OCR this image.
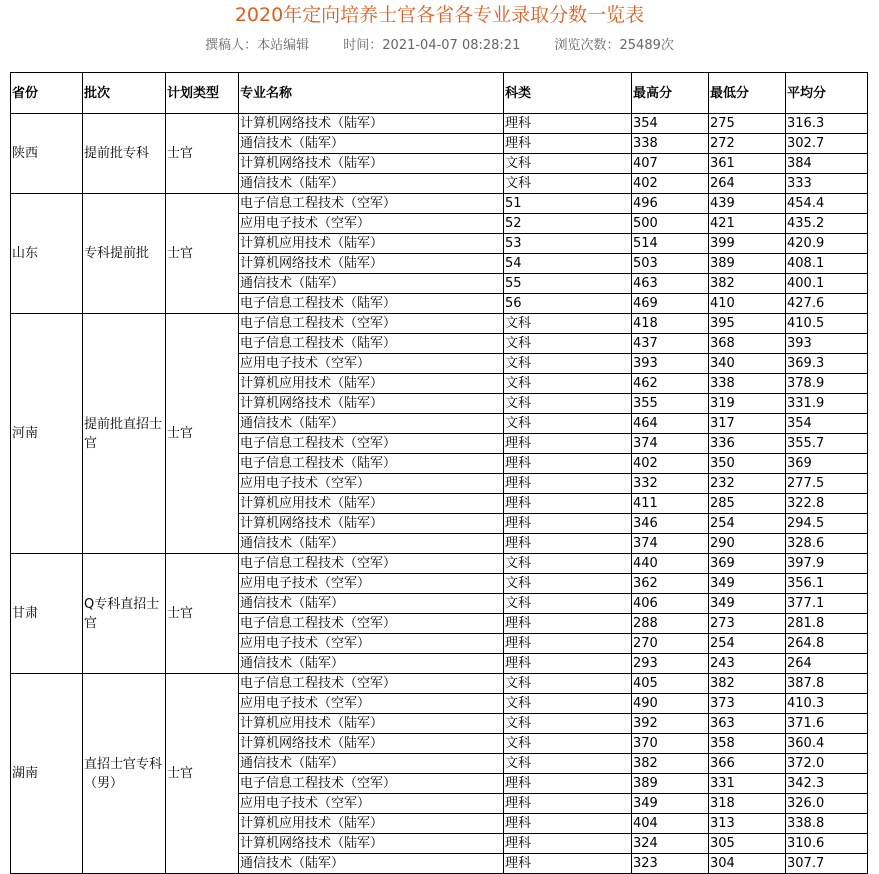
2020年定向培养士官各省各专业录取分数一览表
撰稿人：本站编辑	时间：2021-04-07 08:28:21	浏览次数：25489次
省份	批次	计划类型	专业名称	科类	最高分	最低分	平均分
陕西	提前批专科	士官	计算机网络技术（陆军）	理科	354	275	316.3
			通信技术（陆军）	理科	338	272	302.7
			计算机网络技术（陆军）	文科	407	361	384
			通信技术（陆军）	文科	402	264	333
山东	专科提前批	士官	电子信息工程技术（空军）	51	496	439	454.4
			应用电子技术（空军）	52	500	421	435.2
			计算机应用技术（陆军）	53	514	399	420.9
			计算机网络技术（陆军）	54	503	389	408.1
			通信技术（陆军）	55	463	382	400.1
			电子信息工程技术（陆军）	56	469	410	427.6
河南	提前批直招士官	士官	电子信息工程技术（空军）	文科	418	395	410.5
			电子信息工程技术（陆军）	文科	437	368	393
			应用电子技术（空军）	文科	393	340	369.3
			计算机应用技术（陆军）	文科	462	338	378.9
			计算机网络技术（陆军）	文科	355	319	331.9
			通信技术（陆军）	文科	464	317	354
			电子信息工程技术（空军）	理科	374	336	355.7
			电子信息工程技术（陆军）	理科	402	350	369
			应用电子技术（空军）	理科	332	232	277.5
			计算机应用技术（陆军）	理科	411	285	322.8
			计算机网络技术（陆军）	理科	346	254	294.5
			通信技术（陆军）	理科	374	290	328.6
甘肃	Q专科直招士官	士官	电子信息工程技术（空军）	文科	440	369	397.9
			应用电子技术（空军）	文科	362	349	356.1
			通信技术（陆军）	文科	406	349	377.1
			电子信息工程技术（空军）	理科	288	273	281.8
			应用电子技术（空军）	理科	270	254	264.8
			通信技术（陆军）	理科	293	243	264
湖南	直招士官专科（男）	士官	电子信息工程技术（空军）	文科	405	382	387.8
			应用电子技术（空军）	文科	490	373	410.3
			计算机应用技术（陆军）	文科	392	363	371.6
			计算机网络技术（陆军）	文科	370	358	360.4
			通信技术（陆军）	文科	382	366	372.0
			电子信息工程技术（空军）	理科	389	331	342.3
			应用电子技术（空军）	理科	349	318	326.0
			计算机应用技术（陆军）	理科	404	313	338.8
			计算机网络技术（陆军）	理科	324	305	310.6
			通信技术（陆军）	理科	323	304	307.7
